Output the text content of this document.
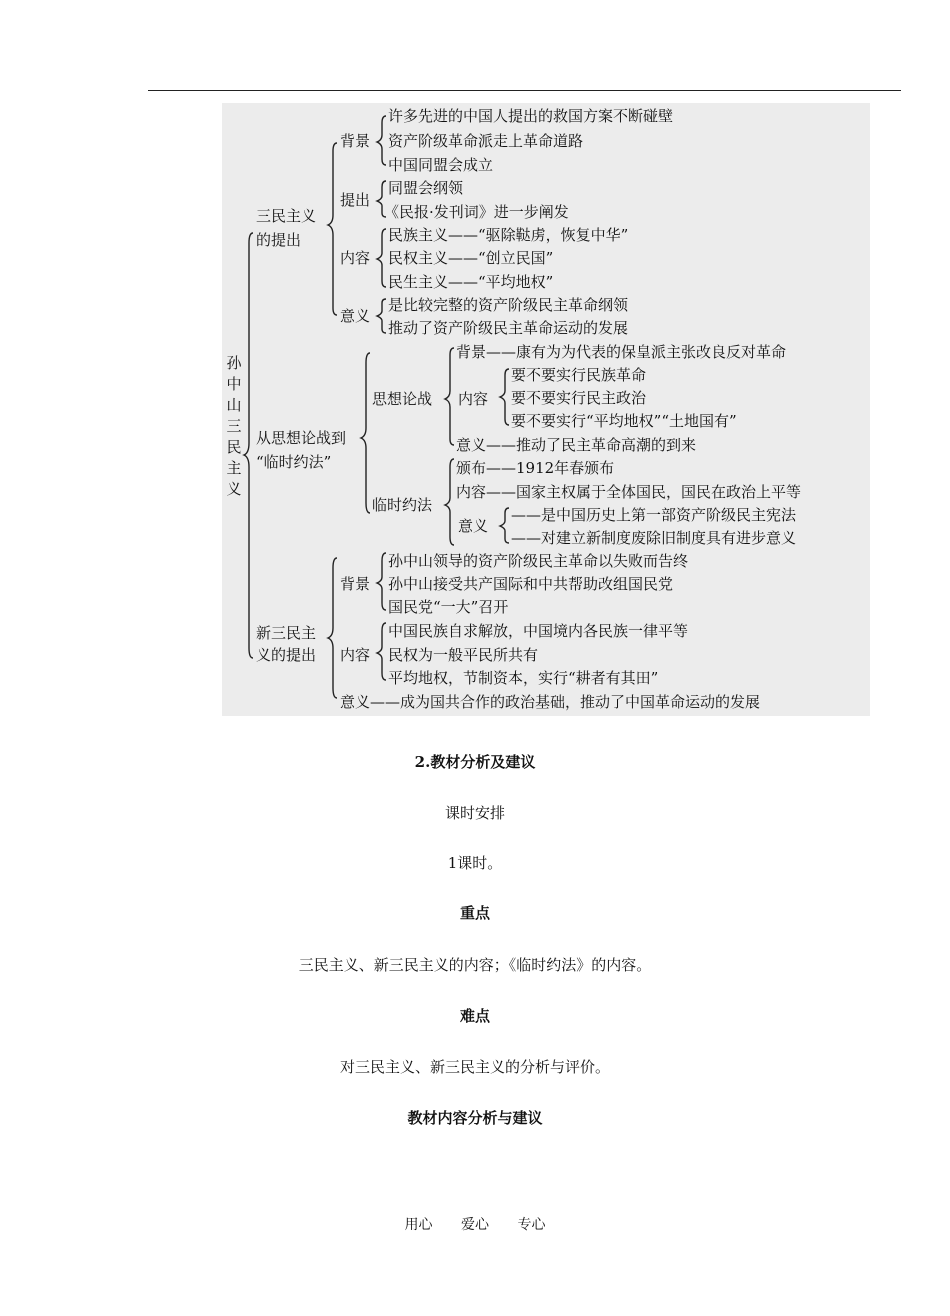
孙中山三民主义
三民主义
的提出
背景
许多先进的中国人提出的救国方案不断碰壁
资产阶级革命派走上革命道路
中国同盟会成立
提出
同盟会纲领
《民报·发刊词》进一步阐发
内容
民族主义——“驱除鞑虏，恢复中华”
民权主义——“创立民国”
民生主义——“平均地权”
意义
是比较完整的资产阶级民主革命纲领
推动了资产阶级民主革命运动的发展
从思想论战到
“临时约法”
思想论战
背景——康有为为代表的保皇派主张改良反对革命
内容
要不要实行民族革命
要不要实行民主政治
要不要实行“平均地权”“土地国有”
意义——推动了民主革命高潮的到来
临时约法
颁布——1912年春颁布
内容——国家主权属于全体国民，国民在政治上平等
意义
——是中国历史上第一部资产阶级民主宪法
——对建立新制度废除旧制度具有进步意义
新三民主
义的提出
背景
孙中山领导的资产阶级民主革命以失败而告终
孙中山接受共产国际和中共帮助改组国民党
国民党“一大”召开
内容
中国民族自求解放，中国境内各民族一律平等
民权为一般平民所共有
平均地权，节制资本，实行“耕者有其田”
意义——成为国共合作的政治基础，推动了中国革命运动的发展
2.教材分析及建议
课时安排
1课时。
重点
三民主义、新三民主义的内容；《临时约法》的内容。
难点
对三民主义、新三民主义的分析与评价。
教材内容分析与建议
用心 爱心 专心
